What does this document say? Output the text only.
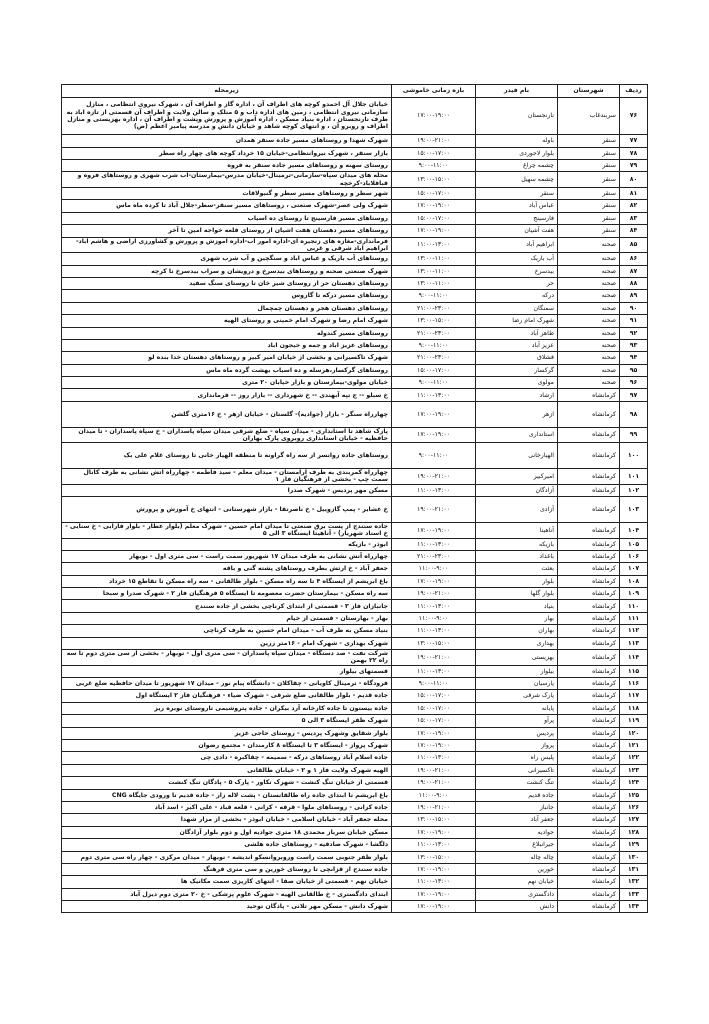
ردیف	شهرستان	نام فیدر	بازه زمانی خاموشی	زیرمحله
۷۶	سربندغاب	نارنجستان	۱۷:۰۰-۱۹:۰۰	خیابان جلال آل احمدو کوچه های اطراف آن ، اداره گاز و اطراف آن ، شهرک نیروی انتظامی ، منازل سازمانی نیروی انتظامی ، زمین های اداره داب و ۵ منلک و سالن ولایت و اطراف آن قسمتی از تازه اباد به طرف نارنجستان ، اداره بنیاد مسکن ، اداره آموزش و پرورش وپشت و اطراف آن ، اداره بهزیستی و منازل اطراف و روبرو آن ، و انتهای کوچه شاهد و خیابان دانش و مدرسه پیامبر اعظم (ص)
۷۷	سنقر	باوله	۱۹:۰۰-۲۱:۰۰	شهرک شهدا و روستاهای مسیر جاده سنقر همدان
۷۸	سنقر	بلوار لاجوردی	۱۵:۰۰-۱۷:۰۰	بازار سنقر ، شهرک نیروانتظامی-خیابان ۱۵ خرداد کوچه های چهار راه سطر
۷۹	سنقر	چشمه چراغ	۹:۰۰-۱۱:۰۰	روستای سهنه و روستاهای مسیر جاده سنقر به فروه
۸۰	سنقر	چشمه سهیل	۱۳:۰۰-۱۵:۰۰	محله های میدان سپاه-سازمانی-ترمینال-خیابان مدرس-بیمارستان-آب شرب شهری و روستاهای فروه و قباقلاباد-کرخچه
۸۱	سنقر	سنقر	۱۵:۰۰-۱۷:۰۰	شهر سطر و روستاهای مسیر سطر و گنبولاقات
۸۲	سنقر	عباس آباد	۱۷:۰۰-۱۹:۰۰	شهرک ولی عصر-شهرک صنعتی ، روستاهای مسیر سنقر-سطر-جلال آباد تا کرده ماه ماس
۸۳	سنقر	فارسینج	۱۵:۰۰-۱۷:۰۰	روستاهای مسیر فارسینج تا روستای ده اسیاب
۸۴	سنقر	هفت آشیان	۱۷:۰۰-۱۹:۰۰	روستاهای مسیر دهستان هفت اشیان از روستای قلعه خواجه امین تا آخر
۸۵	صحنه	ابراهیم آباد	۱۱:۰۰-۱۳:۰۰	فرمانداری-مغازه های زنجیره ای-اداره امور آب-اداره آموزش و پرورش و کشاورزی اراضی و هاشم آباد-ابراهیم اباد شرقی و غربی
۸۶	صحنه	آب باریک	۱۳:۰۰-۱۱:۰۰	روستاهای آب باریک و عباس اباد و سنگچین و آب شرب شهری
۸۷	صحنه	بیدسرخ	۱۳:۰۰-۱۱:۰۰	شهرک صنعتی صحنه و روستاهای بیدسرخ و درویشان و سراب بیدسرخ تا کرچه
۸۸	صحنه	حر	۱۳:۰۰-۱۱:۰۰	روستاهای دهستان حر از روستای شیر خان تا روستای سنگ سفید
۸۹	صحنه	درکه	۹:۰۰-۱۱:۰۰	روستاهای مسیر درکه تا گاروس
۹۰	صحنه	سمنگان	۲۱:۰۰-۲۳:۰۰	روستاهای دهستان هجر و دهستان چمچمال
۹۱	صحنه	شهرک امام رضا	۱۳:۰۰-۱۵:۰۰	شهرک امام رضا و شهرک امام خمینی و روستای الهیه
۹۲	صحنه	طاهر آباد	۲۱:۰۰-۲۳:۰۰	روستاهای مسیر کندوله
۹۳	صحنه	عزیز آباد	۹:۰۰-۱۱:۰۰	روستاهای عزیز اباد و جمه و خیجون اباد
۹۴	صحنه	قشلاق	۲۱:۰۰-۲۳:۰۰	شهرک تاکسیرانی و بخشی از خیابان امیر کبیر و روستاهای دهستان خدا بنده لو
۹۵	صحنه	گرکسار	۱۵:۰۰-۱۷:۰۰	روستاهای گرکسار،هرسله و ده اسیاب بهشت گرده ماه ماس
۹۶	صحنه	مولوی	۹:۰۰-۱۱:۰۰	خیابان مولوی-بیمارستان و بازار خیابان ۲۰ متری
۹۷	کرمانشاه	ارشاد	۱۱:۰۰-۱۳:۰۰	خ سبلو -- ج تپه آبهندی -- خ شهرداری -- بازار روز -- فرمانداری
۹۸	کرمانشاه	ازهر	۱۷:۰۰-۱۹:۰۰	چهارراه سنگر - بازار (جوادیه)- گلستان - خیابان ازهر - خ ۱۶متری گلشن
۹۹	کرمانشاه	استانداری	۱۷:۰۰-۱۹:۰۰	پارک شاهد تا استانداری - میدان سپاه - ضلع شرقی میدان سپاه پاسداران - خ سپاه پاسداران - تا میدان حافظیه - خیابان استانداری روبروی پارک بهاران
۱۰۰	کرمانشاه	الهیارخانی	۹:۰۰-۱۱:۰۰	روستاهای جاده روانسر از سه راه گراونه تا منطقه الهیار خانی تا روستای غلام علی بک
۱۰۱	کرمانشاه	امیرکبیر	۱۹:۰۰-۲۱:۰۰	چهارراه کمربندی به طرف آرامستان - میدان معلم - سید فاطمه - چهارراه آتش نشانی به طرف کانال سمت چپ - بخشی از فرهنگیان فاز ۱
۱۰۲	کرمانشاه	آزادگان	۱۱:۰۰-۱۳:۰۰	مسکن مهر پردیس - شهرک صدرا
۱۰۳	کرمانشاه	آزادی	۱۹:۰۰-۲۱:۰۰	خ عشایر - پمپ گازوییل - خ ناصرتقا - بازار شهرستانی - انتهای خ آموزش و پرورش
۱۰۴	کرمانشاه	آناهیتا	۱۷:۰۰-۱۹:۰۰	جاده سنندج از پست برق صنعتی تا میدان امام حسین - شهرک معلم (بلوار عطار - بلوار فارابی - خ سنایی - خ استاد شهریار) - آناهیتا ایستگاه ۳ الی ۵
۱۰۵	کرمانشاه	بازیکه	۱۱:۰۰-۱۳:۰۰	ابوذر - بازیکه
۱۰۶	کرمانشاه	باغداد	۲۱:۰۰-۲۳:۰۰	چهارراه آتش نشانی به طرف میدان ۱۷ شهریور سمت راست - سی متری اول - نوبهار
۱۰۷	کرمانشاه	بعثت	۱۱:۰۰-۹:۰۰	جعفر آباد - خ ارتش بطرف روستاهای پشته گنی و باقه
۱۰۸	کرمانشاه	بلوار	۱۷:۰۰-۱۹:۰۰	باغ ابریشم از ایستگاه ۴ تا سه راه مسکن - بلوار طالقانی - سه راه مسکن تا تقاطع ۱۵ خرداد
۱۰۹	کرمانشاه	بلوار گلها	۱۹:۰۰-۲۱:۰۰	سه راه مسکن - بیمارستان حضرت معصومه تا ایستگاه ۵ فرهنگیان فاز ۲ - شهرک صدرا و سبحا
۱۱۰	کرمانشاه	بنیاد	۱۱:۰۰-۱۳:۰۰	جانبازان فاز ۳ - قسمتی از ابتدای کرناچی بخشی از جاده سنندج
۱۱۱	کرمانشاه	بهار	۱۱:۰۰-۹:۰۰	بهار - بهارستان - قسمتی از خیام
۱۱۲	کرمانشاه	بهاران	۱۱:۰۰-۱۳:۰۰	بنیاد مسکن به طرف آب - میدان امام حسین به طرف کرناچی
۱۱۳	کرمانشاه	بهداری	۱۳:۰۰-۱۵:۰۰	شهرک بهداری - شهرک امام - ۱۶متر زرین
۱۱۴	کرمانشاه	بهزیستی	۱۹:۰۰-۲۱:۰۰	شرکت نفت - صد دستگاه - میدان سپاه پاسداران - سی متری اول - نوبهار - بخشی از سی متری دوم تا سه راه ۲۲ بهمن
۱۱۵	کرمانشاه	بیلوار	۱۱:۰۰-۱۳:۰۰	قسمتهای بیلوار
۱۱۶	کرمانشاه	پارسیان	۹:۰۰-۱۱:۰۰	فرودگاه - ترمینال کاویانی - چقاکلان - دانشگاه پیام نور - میدان ۱۷ شهریور تا میدان حافظیه ضلع غربی
۱۱۷	کرمانشاه	پارک شرقی	۱۵:۰۰-۱۷:۰۰	جاده قدیم - بلوار طالقانی ضلع شرقی - شهرک ضیاء - فرهنگیان فاز ۲ ایستگاه اول
۱۱۸	کرمانشاه	پایانه	۱۵:۰۰-۱۷:۰۰	جاده بیستون تا جاده کارخانه آرد بیکران - جاده پتروشیمی تاروستای نوبره ریز
۱۱۹	کرمانشاه	پرآو	۱۵:۰۰-۱۷:۰۰	شهرک ظفر ایستگاه ۳ الی ۵
۱۲۰	کرمانشاه	پردیس	۱۷:۰۰-۱۹:۰۰	بلوار شقایق وشهرک پردیس - روستای حاجی عزیز
۱۲۱	کرمانشاه	پرواز	۱۷:۰۰-۱۹:۰۰	شهرک پرواز - ایستگاه ۳ تا ایستگاه ۸ کارمندان - مجتمع رضوان
۱۲۲	کرمانشاه	پلیس راه	۱۱:۰۰-۱۳:۰۰	جاده اسلام آباد روستاهای درکه - سمیمه - چقاکبره - دادی چی
۱۲۳	کرمانشاه	تاکسیرانی	۱۹:۰۰-۲۱:۰۰	الهیه شهرک ولایت فاز ۱ و ۲ - خیابان طالقانی
۱۲۴	کرمانشاه	تنگ کنشت	۱۹:۰۰-۲۱:۰۰	قسمتی از خیابان تنگ کنشت - شهرک تکاور - پارک ۵ - پادگان تنگ کنشت
۱۲۵	کرمانشاه	جاده قدیم	۱۱:۰۰-۹:۰۰	باغ ابریشم تا ابتدای جاده راه طالقانستان - پشت لاله زار - جاده قدیم تا ورودی جایگاه CNG
۱۲۶	کرمانشاه	جانباز	۱۹:۰۰-۲۱:۰۰	جاده کرانی - روستاهای ملوا - قرقه - کرانی - قلعه قباد - علی اکبر - اسد آباد
۱۲۷	کرمانشاه	جعفر آباد	۱۳:۰۰-۱۵:۰۰	محله جعفر آباد - خیابان اسلامی - خیابان ابوذر - بخشی از مزار شهدا
۱۲۸	کرمانشاه	جوادیه	۱۷:۰۰-۱۹:۰۰	مسکن خیابان سرباز محمدی ۱۸ متری جوادیه اول و دوم بلوار آزادگان
۱۲۹	کرمانشاه	جیرانبلاغ	۱۱:۰۰-۱۳:۰۰	دلگشا - شهرک صادقیه - روستاهای جاده هلشی
۱۳۰	کرمانشاه	چاله چاله	۱۳:۰۰-۱۵:۰۰	بلوار ظفر جنوبی سمت راست وروبروانسکو اندیشه - نوبهار - میدان مرکزی - چهار راه سی متری دوم
۱۳۱	کرمانشاه	خورین	۱۷:۰۰-۱۹:۰۰	جاده سنندج از قزانچی تا روستای خورین و سی متری فرهنگ
۱۳۲	کرمانشاه	خیابان نهم	۱۱:۰۰-۱۳:۰۰	خیابان نهم - قسمتی از خیابان صفا - انتهای کاریزی سمت مکانیک ها
۱۳۳	کرمانشاه	دادگستری	۱۷:۰۰-۱۹:۰۰	ابتدای دادگستری - خ طالقانی الهیه - شهرک علوم پزشکی - خ ۲۰ متری دوم دیزل آباد
۱۳۴	کرمانشاه	دانش	۱۷:۰۰-۱۹:۰۰	شهرک دانش - مسکن مهر تلانی - پادگان توحید
